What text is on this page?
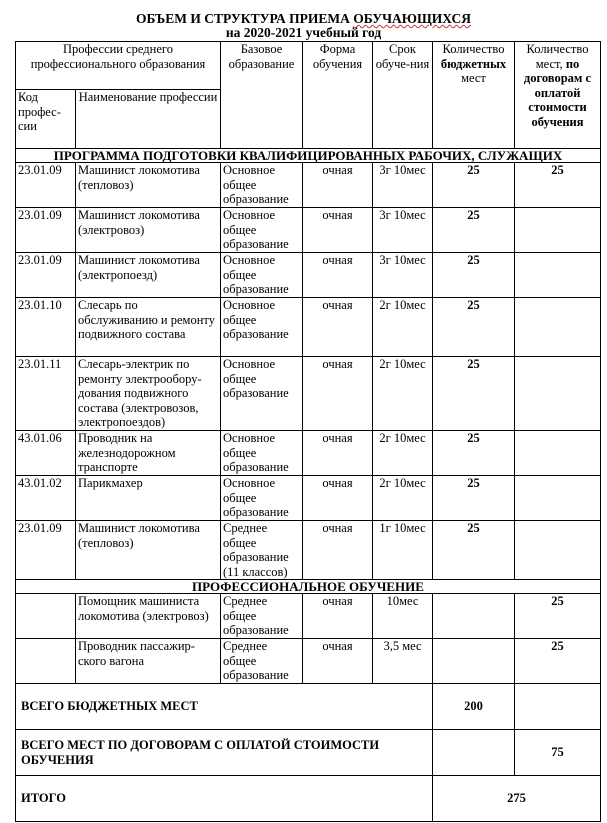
ОБЪЕМ И СТРУКТУРА ПРИЕМА ОБУЧАЮЩИХСЯ
на 2020-2021 учебный год
Профессии среднего профессионального образования		Базовое образование	Форма обучения	Срок обуче-ния	Количество бюджетных мест	Количество мест, по договорам с оплатой стоимости обучения
Код профес-сии	Наименование профессии					
ПРОГРАММА ПОДГОТОВКИ КВАЛИФИЦИРОВАННЫХ РАБОЧИХ, СЛУЖАЩИХ						
23.01.09	Машинист локомотива (тепловоз)	Основное общее образование	очная	3г 10мес	25	25
23.01.09	Машинист локомотива (электровоз)	Основное общее образование	очная	3г 10мес	25	
23.01.09	Машинист локомотива (электропоезд)	Основное общее образование	очная	3г 10мес	25	
23.01.10	Слесарь по обслуживанию и ремонту подвижного состава	Основное общее образование	очная	2г 10мес	25	
23.01.11	Слесарь-электрик по ремонту электрообору-дования подвижного состава (электровозов, электропоездов)	Основное общее образование	очная	2г 10мес	25	
43.01.06	Проводник на железнодорожном транспорте	Основное общее образование	очная	2г 10мес	25	
43.01.02	Парикмахер	Основное общее образование	очная	2г 10мес	25	
23.01.09	Машинист локомотива (тепловоз)	Среднее общее образование (11 классов)	очная	1г 10мес	25	
ПРОФЕССИОНАЛЬНОЕ ОБУЧЕНИЕ						
	Помощник машиниста локомотива (электровоз)	Среднее общее образование	очная	10мес		25
	Проводник пассажир-ского вагона	Среднее общее образование	очная	3,5 мес		25
ВСЕГО БЮДЖЕТНЫХ МЕСТ					200	
ВСЕГО МЕСТ ПО ДОГОВОРАМ С ОПЛАТОЙ СТОИМОСТИ ОБУЧЕНИЯ						75
ИТОГО					275	
